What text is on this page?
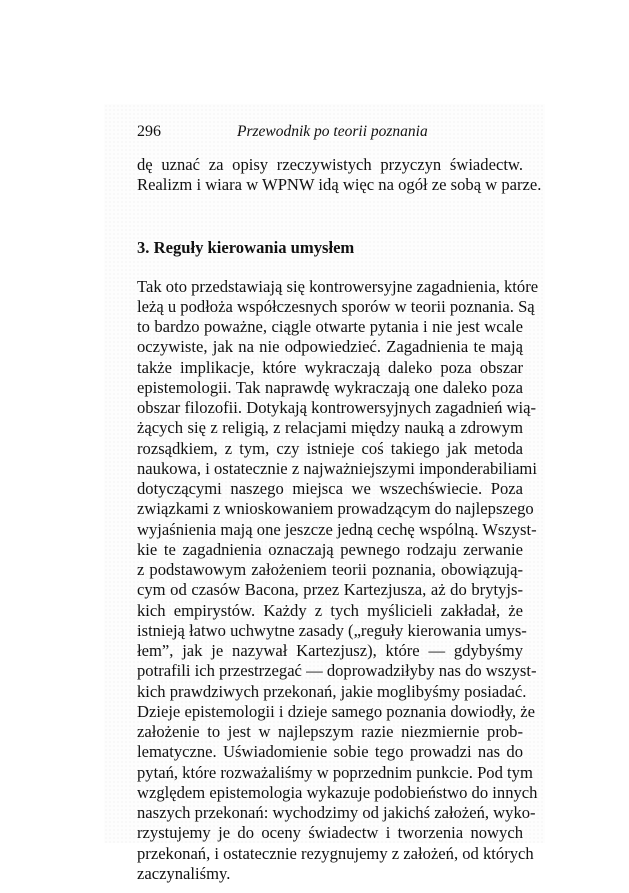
296	Przewodnik po teorii poznania

dę uznać za opisy rzeczywistych przyczyn świadectw.
Realizm i wiara w WPNW idą więc na ogół ze sobą w parze.

3. Reguły kierowania umysłem

Tak oto przedstawiają się kontrowersyjne zagadnienia, które
leżą u podłoża współczesnych sporów w teorii poznania. Są
to bardzo poważne, ciągle otwarte pytania i nie jest wcale
oczywiste, jak na nie odpowiedzieć. Zagadnienia te mają
także implikacje, które wykraczają daleko poza obszar
epistemologii. Tak naprawdę wykraczają one daleko poza
obszar filozofii. Dotykają kontrowersyjnych zagadnień wią-
żących się z religią, z relacjami między nauką a zdrowym
rozsądkiem, z tym, czy istnieje coś takiego jak metoda
naukowa, i ostatecznie z najważniejszymi imponderabiliami
dotyczącymi naszego miejsca we wszechświecie. Poza
związkami z wnioskowaniem prowadzącym do najlepszego
wyjaśnienia mają one jeszcze jedną cechę wspólną. Wszyst-
kie te zagadnienia oznaczają pewnego rodzaju zerwanie
z podstawowym założeniem teorii poznania, obowiązują-
cym od czasów Bacona, przez Kartezjusza, aż do brytyjs-
kich empirystów. Każdy z tych myślicieli zakładał, że
istnieją łatwo uchwytne zasady („reguły kierowania umys-
łem”, jak je nazywał Kartezjusz), które — gdybyśmy
potrafili ich przestrzegać — doprowadziłyby nas do wszyst-
kich prawdziwych przekonań, jakie moglibyśmy posiadać.
Dzieje epistemologii i dzieje samego poznania dowiodły, że
założenie to jest w najlepszym razie niezmiernie prob-
lematyczne. Uświadomienie sobie tego prowadzi nas do
pytań, które rozważaliśmy w poprzednim punkcie. Pod tym
względem epistemologia wykazuje podobieństwo do innych
naszych przekonań: wychodzimy od jakichś założeń, wyko-
rzystujemy je do oceny świadectw i tworzenia nowych
przekonań, i ostatecznie rezygnujemy z założeń, od których
zaczynaliśmy.
